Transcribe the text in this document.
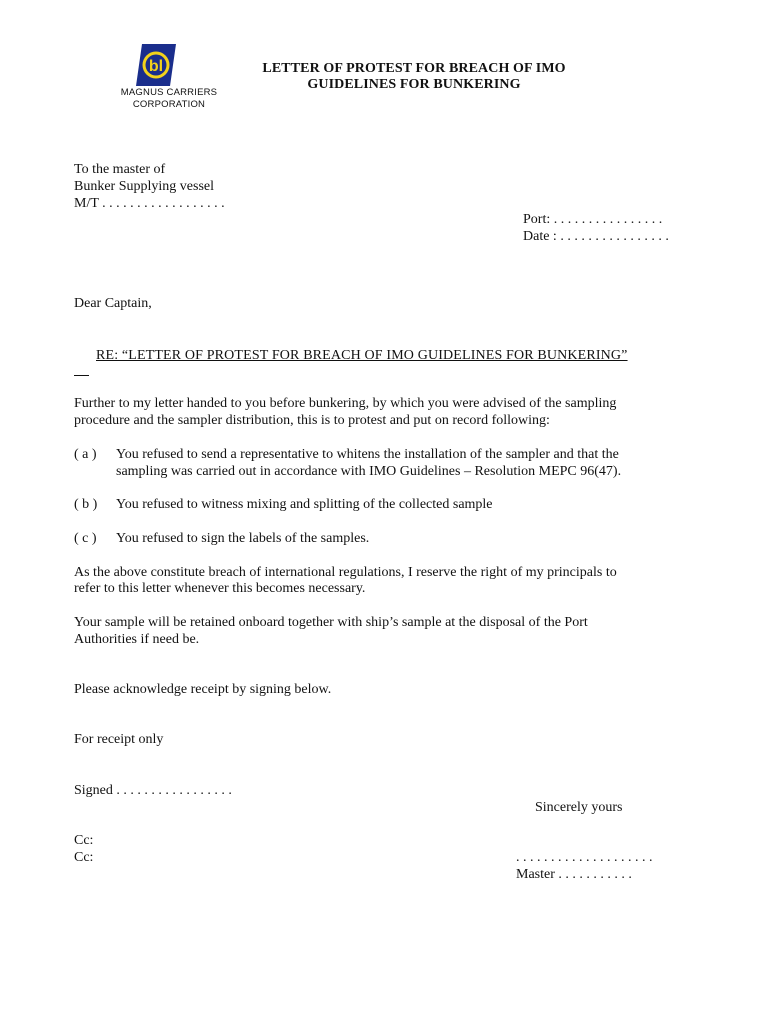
bl
MAGNUS CARRIERS
CORPORATION
LETTER OF PROTEST FOR BREACH OF IMO
GUIDELINES FOR BUNKERING
To the master of
Bunker Supplying vessel
M/T . . . . . . . . . . . . . . . . . .
Port: . . . . . . . . . . . . . . . .
Date : . . . . . . . . . . . . . . . .
Dear Captain,
RE: “LETTER OF PROTEST FOR BREACH OF IMO GUIDELINES FOR BUNKERING”
Further to my letter handed to you before bunkering, by which you were advised of the sampling
procedure and the sampler distribution, this is to protest and put on record following:
( a ) You refused to send a representative to whitens the installation of the sampler and that the
sampling was carried out in accordance with IMO Guidelines – Resolution MEPC 96(47).
( b ) You refused to witness mixing and splitting of the collected sample
( c ) You refused to sign the labels of the samples.
As the above constitute breach of international regulations, I reserve the right of my principals to
refer to this letter whenever this becomes necessary.
Your sample will be retained onboard together with ship’s sample at the disposal of the Port
Authorities if need be.
Please acknowledge receipt by signing below.
For receipt only
Signed . . . . . . . . . . . . . . . . .
Sincerely yours
Cc:
Cc:	. . . . . . . . . . . . . . . . . . . .
Master . . . . . . . . . . .
